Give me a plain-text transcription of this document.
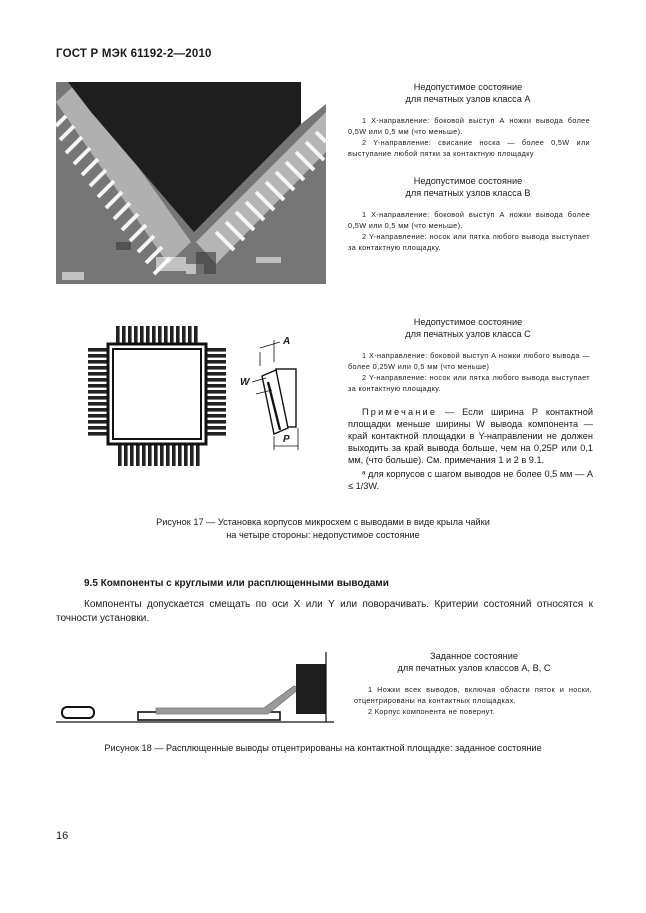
ГОСТ Р МЭК 61192-2—2010
Недопустимое состояние
для печатных узлов класса А

1 X-направление: боковой выступ А ножки вывода более 0,5W или 0,5 мм (что меньше).

2 Y-направление: свисание носка — более 0,5W или выступание любой пятки за контактную площадку

Недопустимое состояние
для печатных узлов класса В

1 X-направление: боковой выступ А ножки вывода более 0,5W или 0,5 мм (что меньше).

2 Y-направление: носок или пятка любого вывода выступает за контактную площадку.

A
W
P
Недопустимое состояние
для печатных узлов класса С

1 X-направление: боковой выступ А ножки любого вывода — более 0,25W или 0,5 мм (что меньше)

2 Y-направление: носок или пятка любого вывода выступает за контактную площадку.

Примечание — Если ширина Р контактной площадки меньше ширины W вывода компонента — край контактной площадки в Y-направлении не должен выходить за край вывода больше, чем на 0,25Р или 0,1 мм, (что больше). См. примечания 1 и 2 в 9.1.

ᵃ для корпусов с шагом выводов не более 0,5 мм — A ≤ 1/3W.

Рисунок 17 — Установка корпусов микросхем с выводами в виде крыла чайки
на четыре стороны: недопустимое состояние
9.5 Компоненты с круглыми или расплющенными выводами

Компоненты допускается смещать по оси X или Y или поворачивать. Критерии состояний относятся к точности установки.

Заданное состояние
для печатных узлов классов А, В, С

1 Ножки всех выводов, включая области пяток и носки, отцентрированы на контактных площадках.

2 Корпус компонента не повернут.

Рисунок 18 — Расплющенные выводы отцентрированы на контактной площадке: заданное состояние
16
